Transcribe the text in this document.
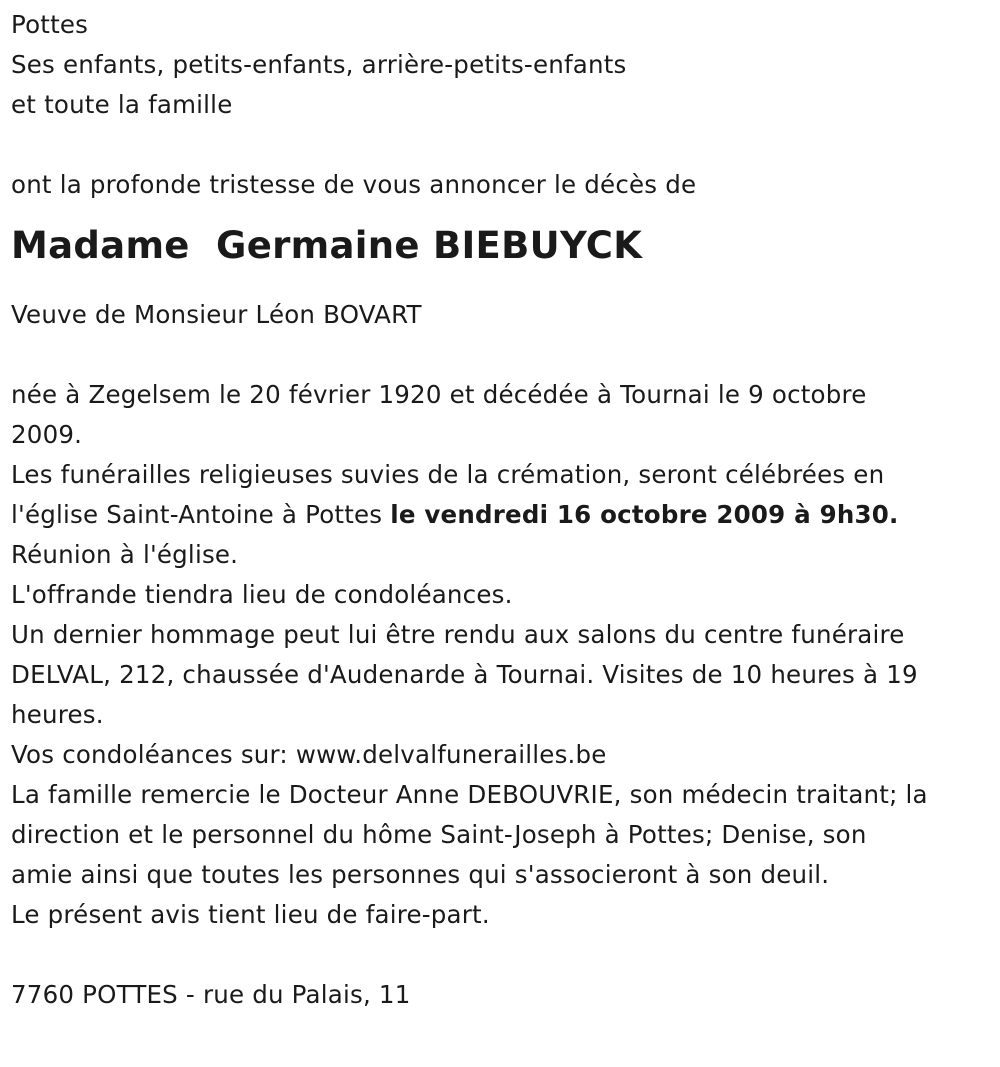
Pottes
Ses enfants, petits-enfants, arrière-petits-enfants
et toute la famille
ont la profonde tristesse de vous annoncer le décès de
Madame  Germaine BIEBUYCK
Veuve de Monsieur Léon BOVART
née à Zegelsem le 20 février 1920 et décédée à Tournai le 9 octobre
2009.
Les funérailles religieuses suvies de la crémation, seront célébrées en
l'église Saint-Antoine à Pottes le vendredi 16 octobre 2009 à 9h30.
Réunion à l'église.
L'offrande tiendra lieu de condoléances.
Un dernier hommage peut lui être rendu aux salons du centre funéraire
DELVAL, 212, chaussée d'Audenarde à Tournai. Visites de 10 heures à 19
heures.
Vos condoléances sur: www.delvalfunerailles.be
La famille remercie le Docteur Anne DEBOUVRIE, son médecin traitant; la
direction et le personnel du hôme Saint-Joseph à Pottes; Denise, son
amie ainsi que toutes les personnes qui s'associeront à son deuil.
Le présent avis tient lieu de faire-part.
7760 POTTES - rue du Palais, 11
